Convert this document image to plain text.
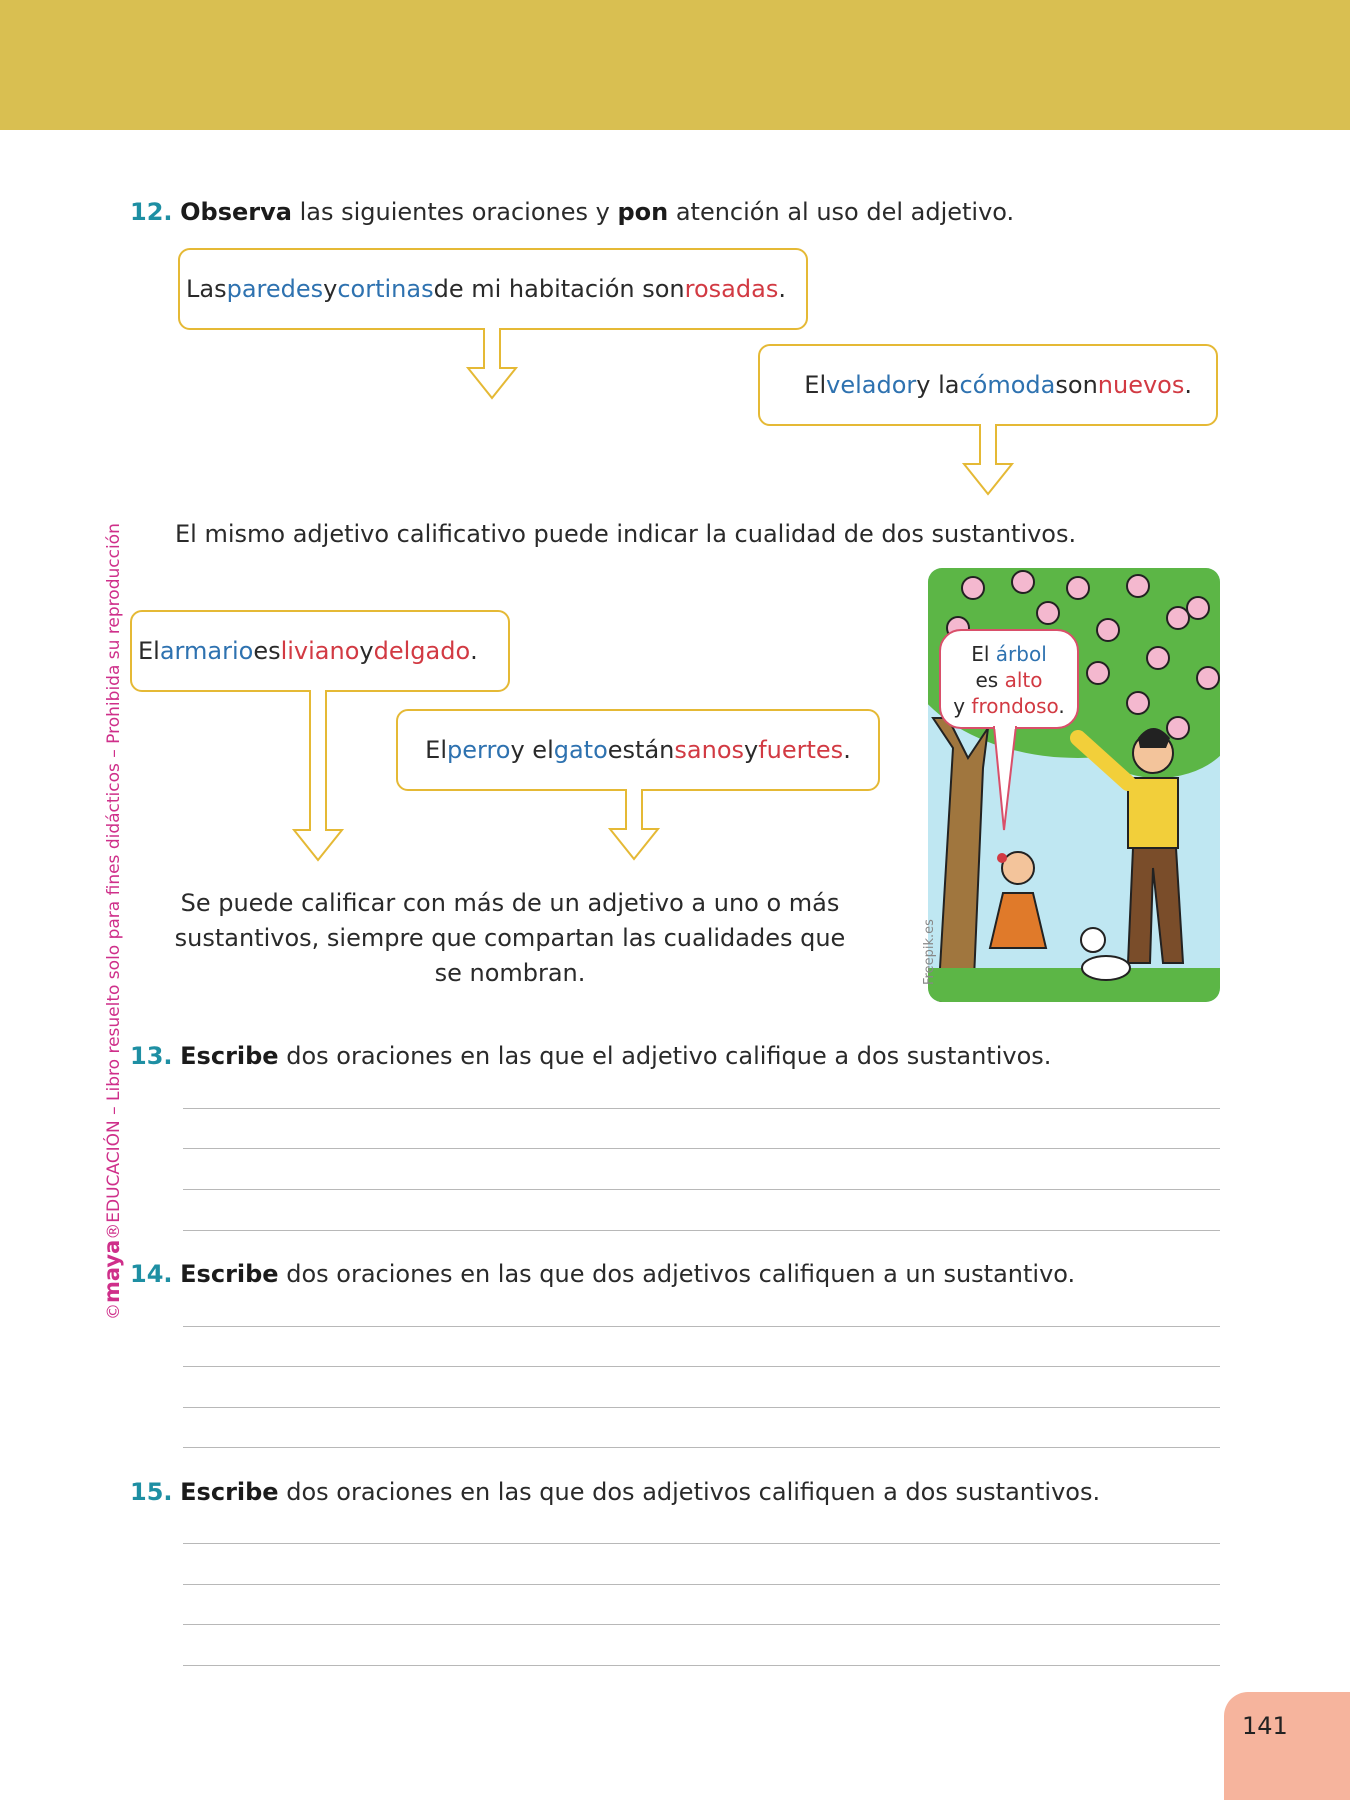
©maya®EDUCACIÓN – Libro resuelto solo para fines didácticos – Prohibida su reproducción
12. Observa las siguientes oraciones y pon atención al uso del adjetivo.
Las paredes y cortinas de mi habitación son rosadas .
El velador y la cómoda son nuevos .
El mismo adjetivo calificativo puede indicar la cualidad de dos sustantivos.
El armario es liviano y delgado .
El perro y el gato están sanos y fuertes .
Se puede calificar con más de un adjetivo a uno o más
sustantivos, siempre que compartan las cualidades que
se nombran.
El árbol
es alto
y frondoso.
Freepik.es
13. Escribe dos oraciones en las que el adjetivo califique a dos sustantivos.
14. Escribe dos oraciones en las que dos adjetivos califiquen a un sustantivo.
15. Escribe dos oraciones en las que dos adjetivos califiquen a dos sustantivos.
141
